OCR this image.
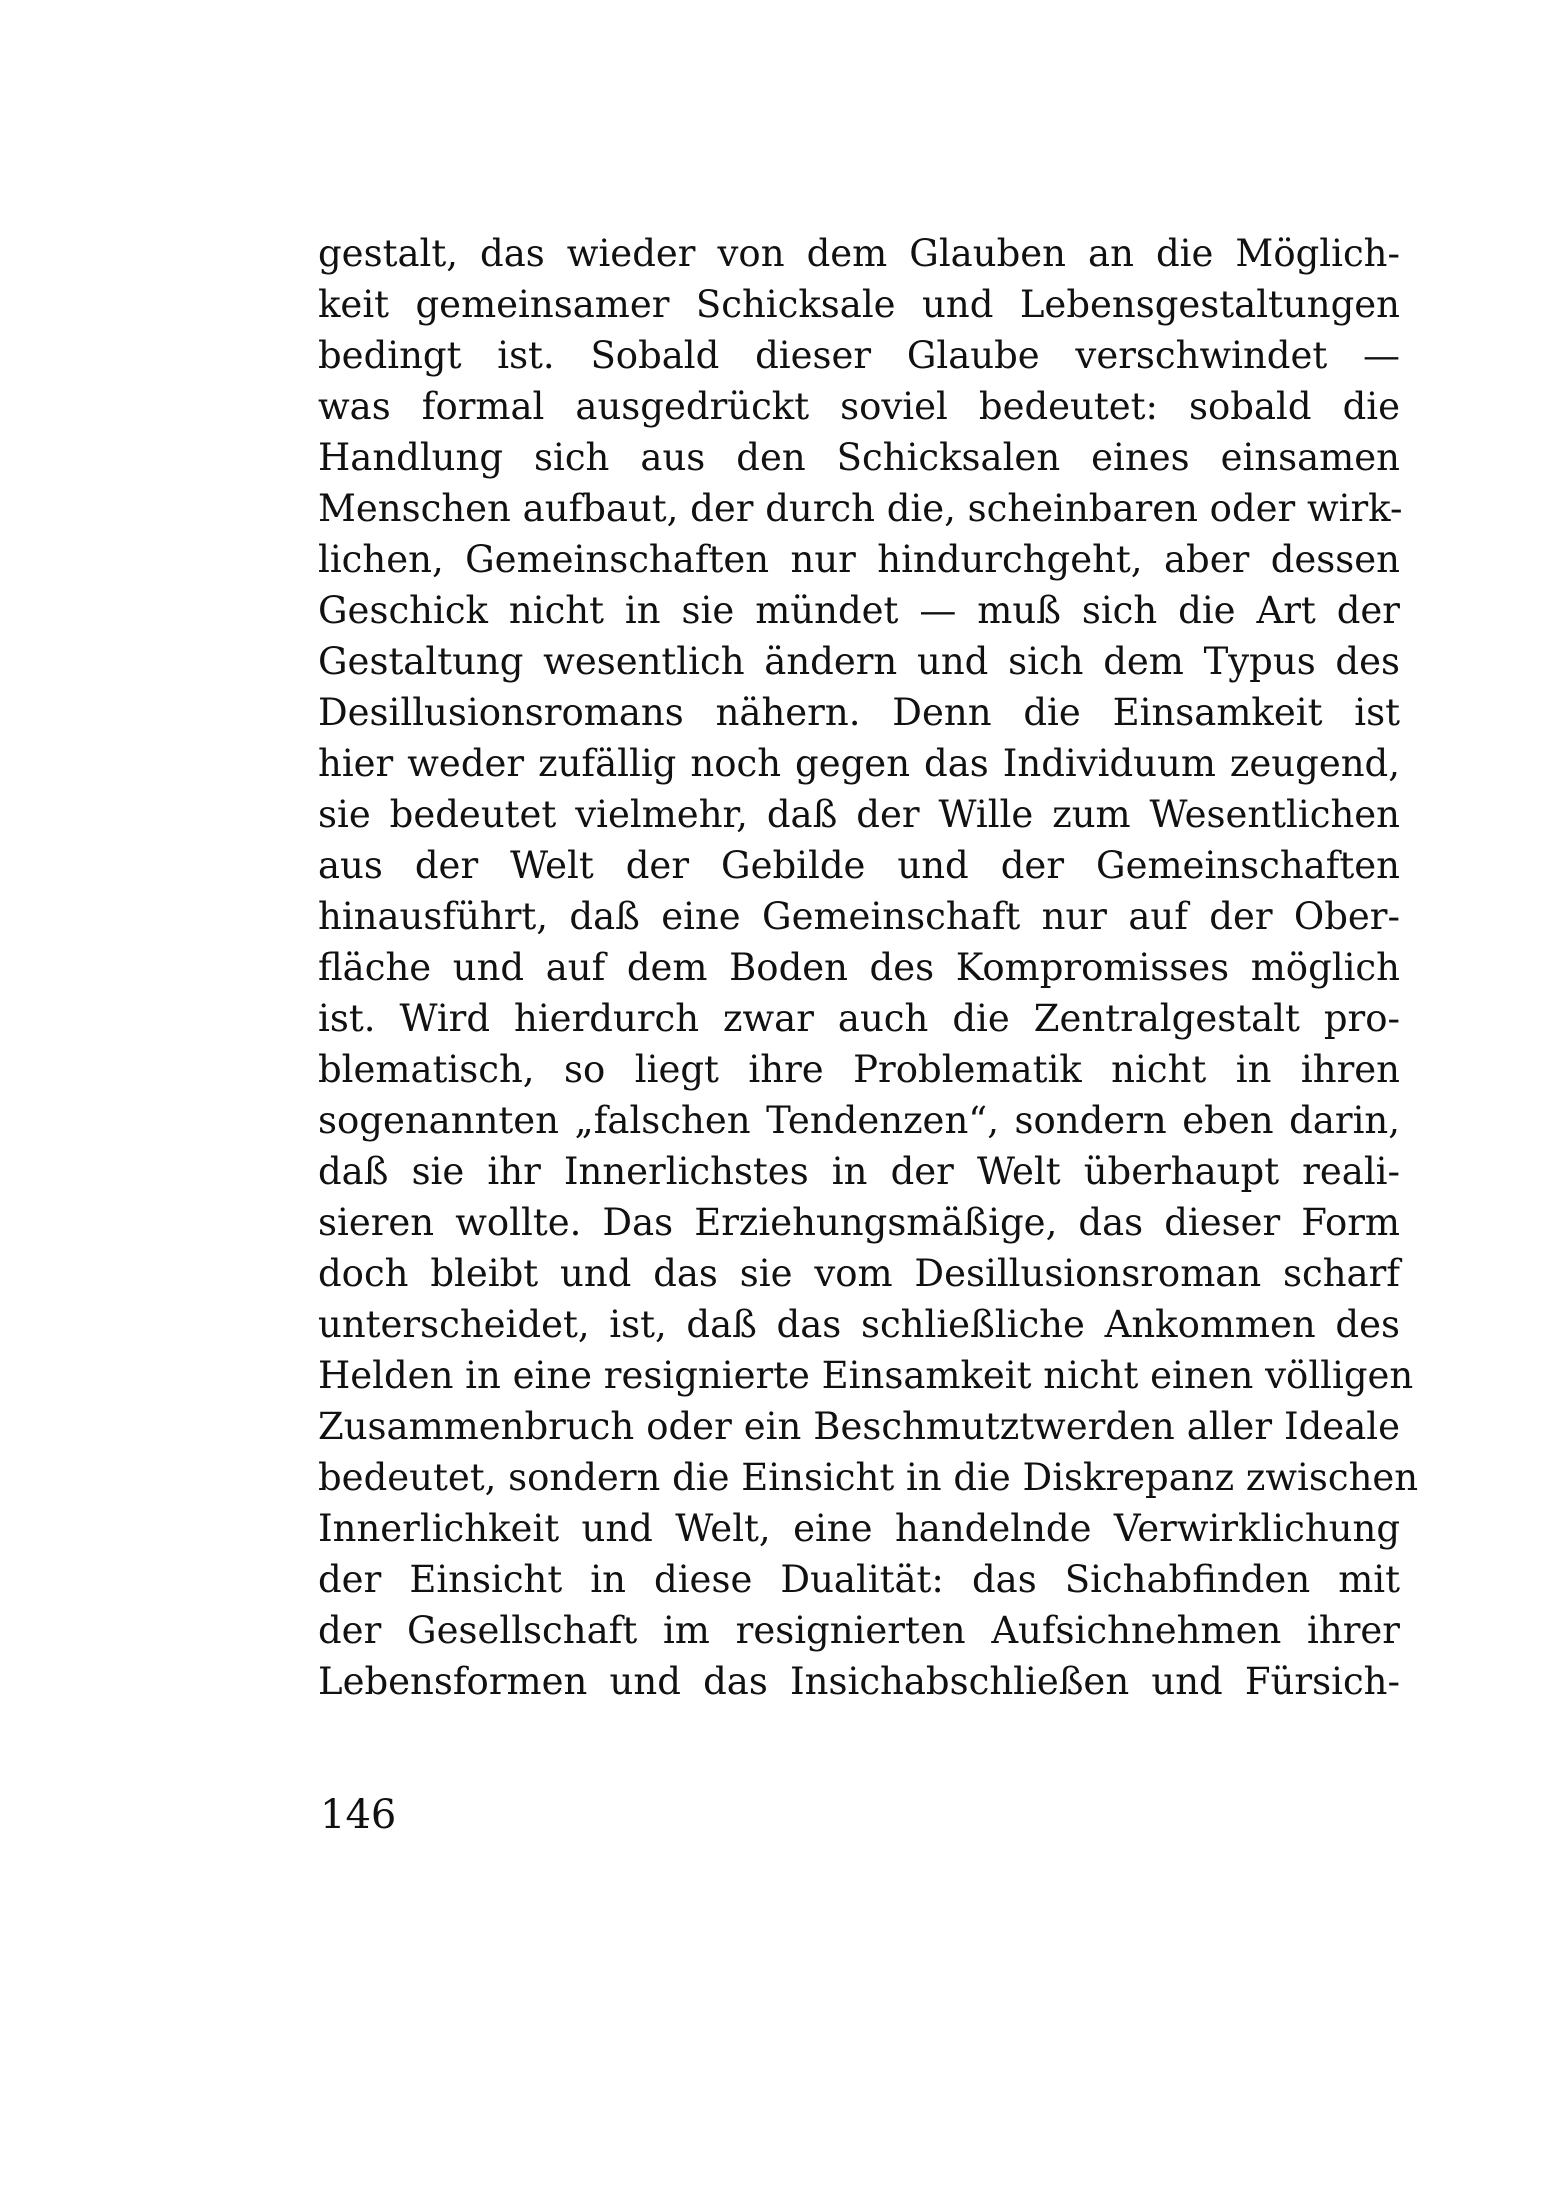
gestalt, das wieder von dem Glauben an die Möglich-
keit gemeinsamer Schicksale und Lebensgestaltungen
bedingt ist. Sobald dieser Glaube verschwindet —
was formal ausgedrückt soviel bedeutet: sobald die
Handlung sich aus den Schicksalen eines einsamen
Menschen aufbaut, der durch die, scheinbaren oder wirk-
lichen, Gemeinschaften nur hindurchgeht, aber dessen
Geschick nicht in sie mündet — muß sich die Art der
Gestaltung wesentlich ändern und sich dem Typus des
Desillusionsromans nähern. Denn die Einsamkeit ist
hier weder zufällig noch gegen das Individuum zeugend,
sie bedeutet vielmehr, daß der Wille zum Wesentlichen
aus der Welt der Gebilde und der Gemeinschaften
hinausführt, daß eine Gemeinschaft nur auf der Ober-
fläche und auf dem Boden des Kompromisses möglich
ist. Wird hierdurch zwar auch die Zentralgestalt pro-
blematisch, so liegt ihre Problematik nicht in ihren
sogenannten „falschen Tendenzen“, sondern eben darin,
daß sie ihr Innerlichstes in der Welt überhaupt reali-
sieren wollte. Das Erziehungsmäßige, das dieser Form
doch bleibt und das sie vom Desillusionsroman scharf
unterscheidet, ist, daß das schließliche Ankommen des
Helden in eine resignierte Einsamkeit nicht einen völligen
Zusammenbruch oder ein Beschmutztwerden aller Ideale
bedeutet, sondern die Einsicht in die Diskrepanz zwischen
Innerlichkeit und Welt, eine handelnde Verwirklichung
der Einsicht in diese Dualität: das Sichabfinden mit
der Gesellschaft im resignierten Aufsichnehmen ihrer
Lebensformen und das Insichabschließen und Fürsich-
146
